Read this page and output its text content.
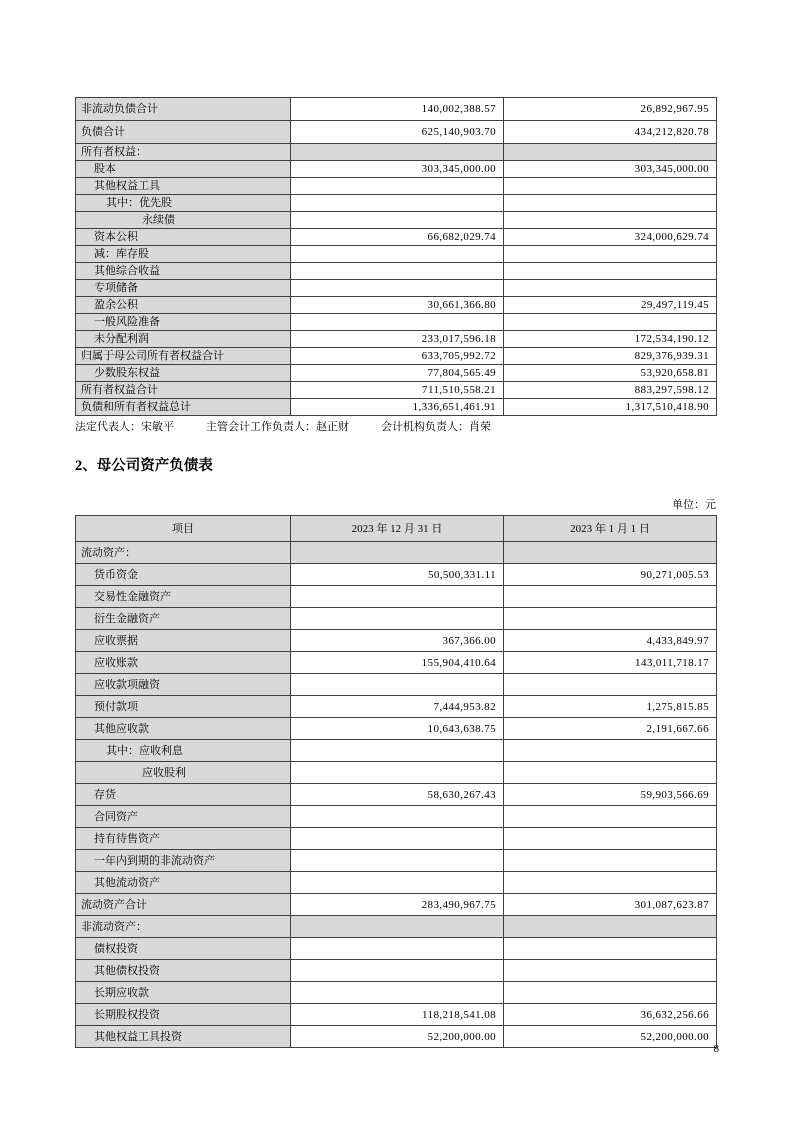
非流动负债合计	140,002,388.57	26,892,967.95
负债合计	625,140,903.70	434,212,820.78
所有者权益：		
股本	303,345,000.00	303,345,000.00
其他权益工具		
其中：优先股		
永续债		
资本公积	66,682,029.74	324,000,629.74
减：库存股		
其他综合收益		
专项储备		
盈余公积	30,661,366.80	29,497,119.45
一般风险准备		
未分配利润	233,017,596.18	172,534,190.12
归属于母公司所有者权益合计	633,705,992.72	829,376,939.31
少数股东权益	77,804,565.49	53,920,658.81
所有者权益合计	711,510,558.21	883,297,598.12
负债和所有者权益总计	1,336,651,461.91	1,317,510,418.90
法定代表人：宋敏平	主管会计工作负责人：赵正财	会计机构负责人：肖荣
2、母公司资产负债表
单位：元
项目	2023 年 12 月 31 日	2023 年 1 月 1 日
流动资产：		
货币资金	50,500,331.11	90,271,005.53
交易性金融资产		
衍生金融资产		
应收票据	367,366.00	4,433,849.97
应收账款	155,904,410.64	143,011,718.17
应收款项融资		
预付款项	7,444,953.82	1,275,815.85
其他应收款	10,643,638.75	2,191,667.66
其中：应收利息		
应收股利		
存货	58,630,267.43	59,903,566.69
合同资产		
持有待售资产		
一年内到期的非流动资产		
其他流动资产		
流动资产合计	283,490,967.75	301,087,623.87
非流动资产：		
债权投资		
其他债权投资		
长期应收款		
长期股权投资	118,218,541.08	36,632,256.66
其他权益工具投资	52,200,000.00	52,200,000.00
8
